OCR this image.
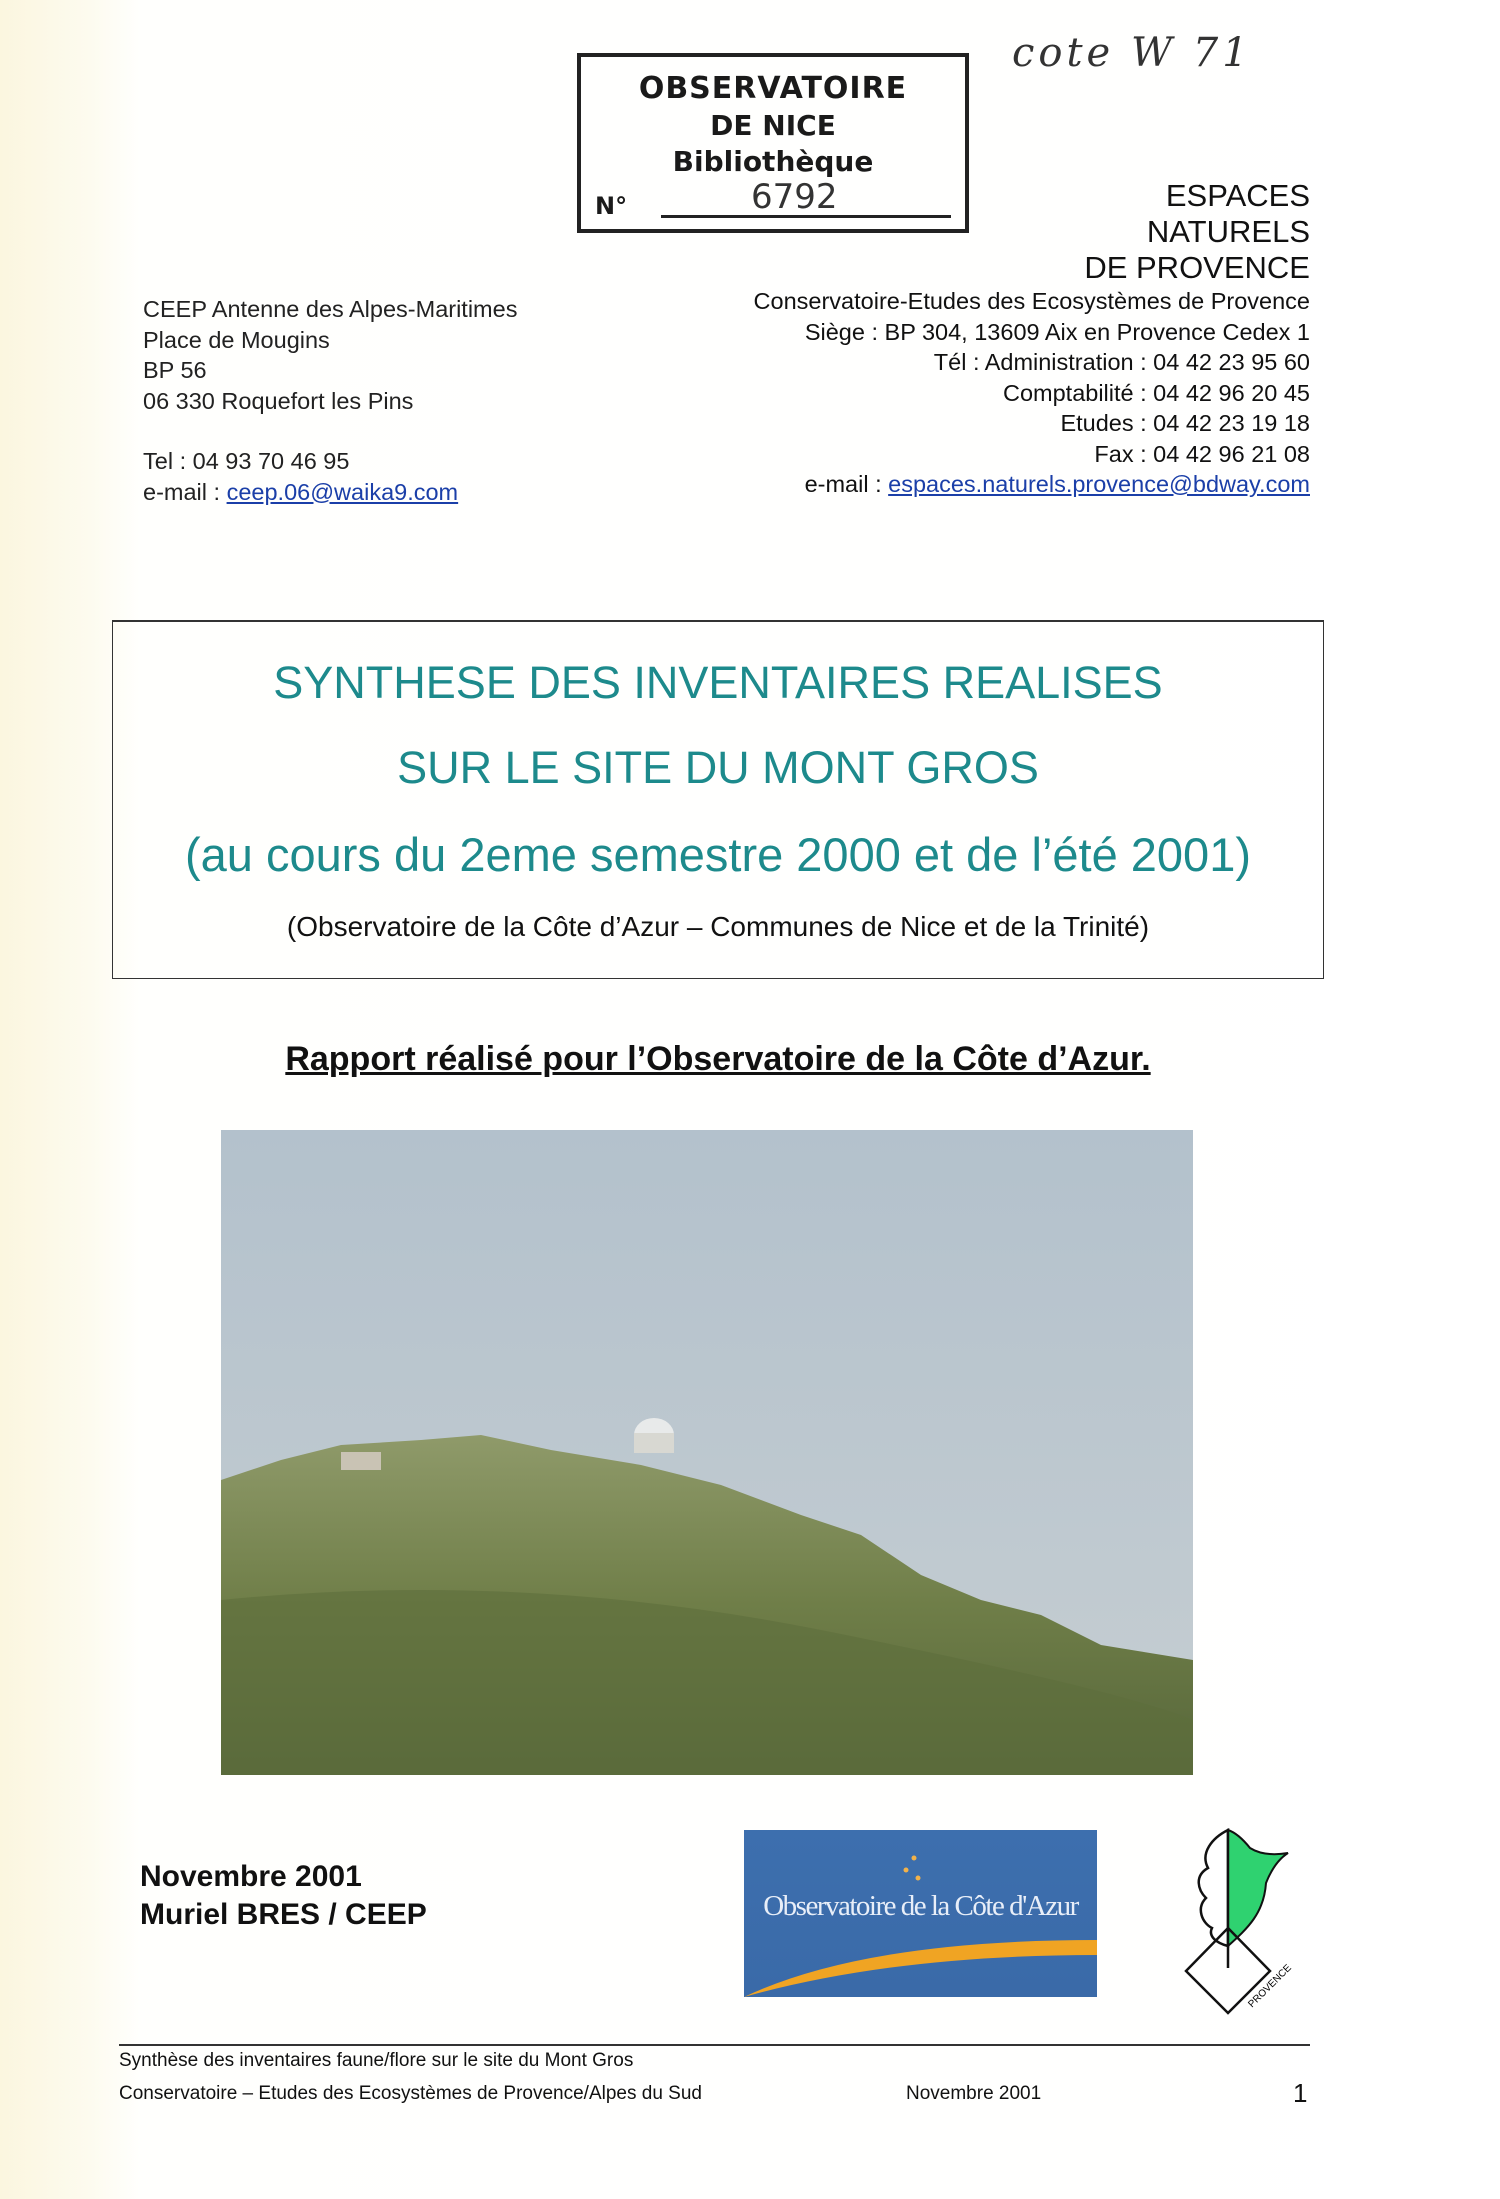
OBSERVATOIRE
DE NICE
Bibliothèque
N°	6792
cote W 71
ESPACES
NATURELS
DE PROVENCE
Conservatoire-Etudes des Ecosystèmes de Provence
Siège : BP 304, 13609 Aix en Provence Cedex 1
Tél : Administration : 04 42 23 95 60
Comptabilité : 04 42 96 20 45
Etudes : 04 42 23 19 18
Fax : 04 42 96 21 08
e-mail : espaces.naturels.provence@bdway.com
CEEP Antenne des Alpes-Maritimes
Place de Mougins
BP 56
06 330 Roquefort les Pins
Tel : 04 93 70 46 95
e-mail : ceep.06@waika9.com
SYNTHESE DES INVENTAIRES REALISES
SUR LE SITE DU MONT GROS
(au cours du 2eme semestre 2000 et de l’été 2001)
(Observatoire de la Côte d’Azur – Communes de Nice et de la Trinité)
Rapport réalisé pour l’Observatoire de la Côte d’Azur.
Novembre 2001
Muriel BRES / CEEP	Observatoire de la Côte d'Azur
PROVENCE
Synthèse des inventaires faune/flore sur le site du Mont Gros
Conservatoire – Etudes des Ecosystèmes de Provence/Alpes du Sud	Novembre 2001	1
